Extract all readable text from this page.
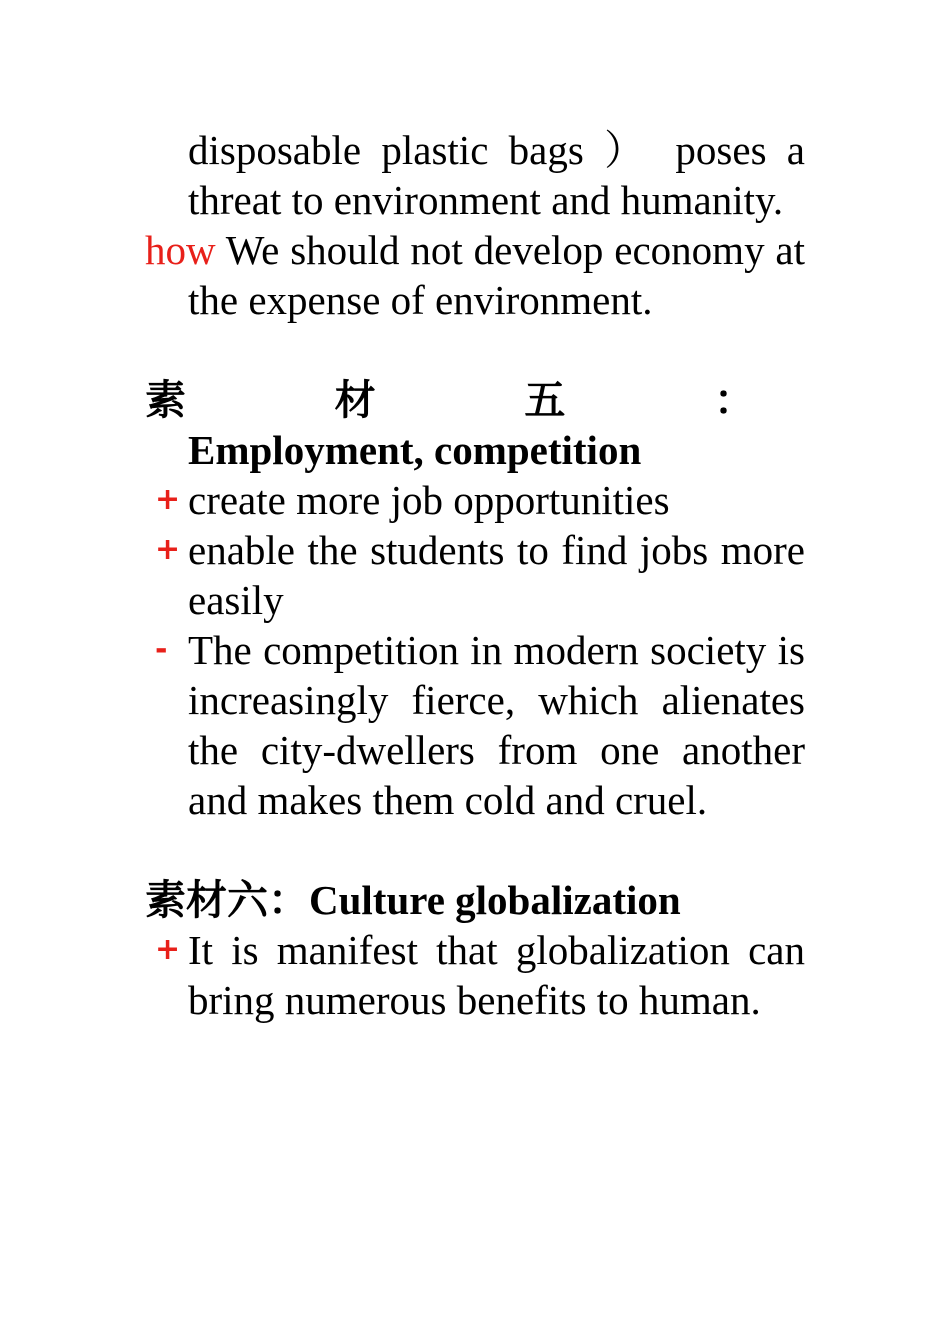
disposable plastic bags ） poses a threat to environment and humanity.

how We should not develop economy at the expense of environment.

素 材 五 ： Employment, competition

+ create more job opportunities

+ enable the students to find jobs more easily

- The competition in modern society is increasingly fierce, which alienates the city-dwellers from one another and makes them cold and cruel.

素材六：Culture globalization

+ It is manifest that globalization can bring numerous benefits to human.
